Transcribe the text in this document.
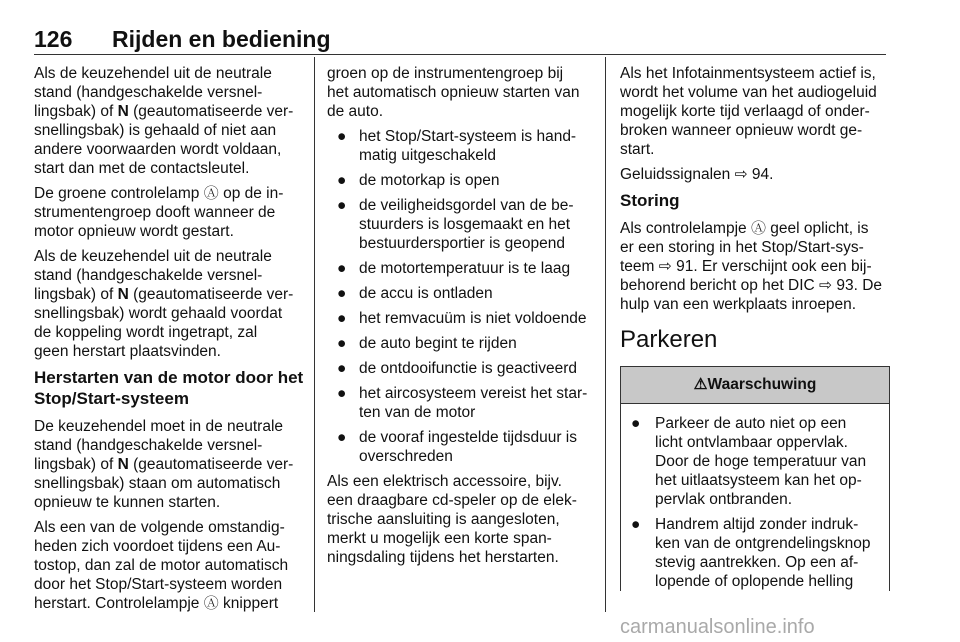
126 Rijden en bediening

Als de keuzehendel uit de neutrale
stand (handgeschakelde versnel-
lingsbak) of N (geautomatiseerde ver-
snellingsbak) is gehaald of niet aan
andere voorwaarden wordt voldaan,
start dan met de contactsleutel.

De groene controlelamp Ⓐ op de in-
strumentengroep dooft wanneer de
motor opnieuw wordt gestart.

Als de keuzehendel uit de neutrale
stand (handgeschakelde versnel-
lingsbak) of N (geautomatiseerde ver-
snellingsbak) wordt gehaald voordat
de koppeling wordt ingetrapt, zal
geen herstart plaatsvinden.

Herstarten van de motor door het
Stop/Start-systeem

De keuzehendel moet in de neutrale
stand (handgeschakelde versnel-
lingsbak) of N (geautomatiseerde ver-
snellingsbak) staan om automatisch
opnieuw te kunnen starten.

Als een van de volgende omstandig-
heden zich voordoet tijdens een Au-
tostop, dan zal de motor automatisch
door het Stop/Start-systeem worden
herstart. Controlelampje Ⓐ knippert

groen op de instrumentengroep bij
het automatisch opnieuw starten van
de auto.

● het Stop/Start-systeem is hand-
matig uitgeschakeld
● de motorkap is open
● de veiligheidsgordel van de be-
stuurders is losgemaakt en het
bestuurdersportier is geopend
● de motortemperatuur is te laag
● de accu is ontladen
● het remvacuüm is niet voldoende
● de auto begint te rijden
● de ontdooifunctie is geactiveerd
● het aircosysteem vereist het star-
ten van de motor
● de vooraf ingestelde tijdsduur is
overschreden

Als een elektrisch accessoire, bijv.
een draagbare cd-speler op de elek-
trische aansluiting is aangesloten,
merkt u mogelijk een korte span-
ningsdaling tijdens het herstarten.

Als het Infotainmentsysteem actief is,
wordt het volume van het audiogeluid
mogelijk korte tijd verlaagd of onder-
broken wanneer opnieuw wordt ge-
start.

Geluidssignalen ⇨ 94.

Storing

Als controlelampje Ⓐ geel oplicht, is
er een storing in het Stop/Start-sys-
teem ⇨ 91. Er verschijnt ook een bij-
behorend bericht op het DIC ⇨ 93. De
hulp van een werkplaats inroepen.

Parkeren
⚠Waarschuwing
● Parkeer de auto niet op een
licht ontvlambaar oppervlak.
Door de hoge temperatuur van
het uitlaatsysteem kan het op-
pervlak ontbranden.
● Handrem altijd zonder indruk-
ken van de ontgrendelingsknop
stevig aantrekken. Op een af-
lopende of oplopende helling
carmanualsonline.info
